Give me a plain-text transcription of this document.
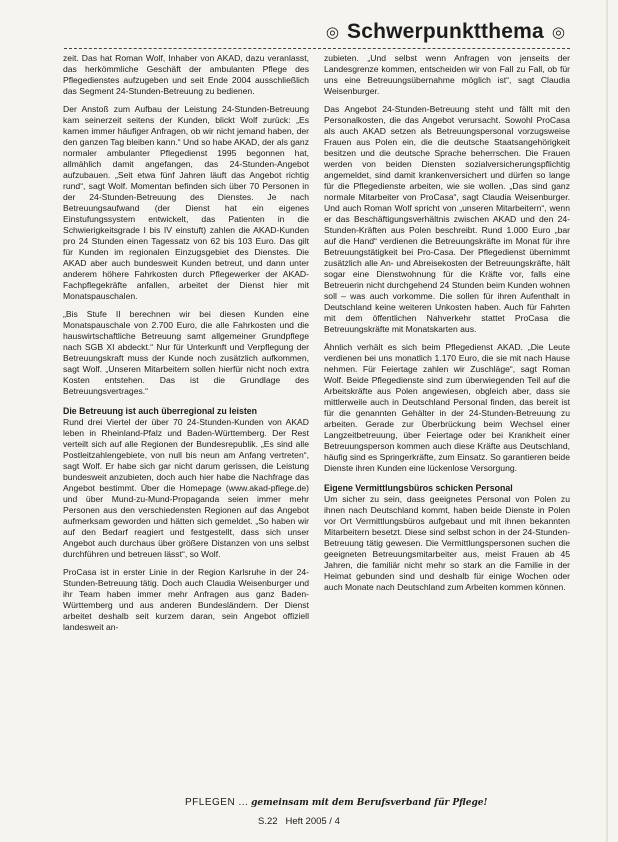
◎ Schwerpunktthema ◎

zeit. Das hat Roman Wolf, Inhaber von AKAD, dazu veranlasst, das herkömmliche Geschäft der ambulanten Pflege des Pflegedienstes aufzugeben und seit Ende 2004 ausschließlich das Segment 24-Stunden-Betreuung zu bedienen.

Der Anstoß zum Aufbau der Leistung 24-Stunden-Betreuung kam seinerzeit seitens der Kunden, blickt Wolf zurück: „Es kamen immer häufiger Anfragen, ob wir nicht jemand haben, der den ganzen Tag bleiben kann.“ Und so habe AKAD, der als ganz normaler ambulanter Pflegedienst 1995 begonnen hat, allmählich damit angefangen, das 24-Stunden-Angebot aufzubauen. „Seit etwa fünf Jahren läuft das Angebot richtig rund“, sagt Wolf. Momentan befinden sich über 70 Personen in der 24-Stunden-Betreuung des Dienstes. Je nach Betreuungsaufwand (der Dienst hat ein eigenes Einstufungssystem entwickelt, das Patienten in die Schwierigkeitsgrade I bis IV einstuft) zahlen die AKAD-Kunden pro 24 Stunden einen Tagessatz von 62 bis 103 Euro. Das gilt für Kunden im regionalen Einzugsgebiet des Dienstes. Die AKAD aber auch bundesweit Kunden betreut, und dann unter anderem höhere Fahrkosten durch Pflegewerker der AKAD-Fachpflegekräfte anfallen, arbeitet der Dienst hier mit Monatspauschalen.

„Bis Stufe II berechnen wir bei diesen Kunden eine Monatspauschale von 2.700 Euro, die alle Fahrkosten und die hauswirtschaftliche Betreuung samt allgemeiner Grundpflege nach SGB XI abdeckt.“ Nur für Unterkunft und Verpflegung der Betreuungskraft muss der Kunde noch zusätzlich aufkommen, sagt Wolf. „Unseren Mitarbeitern sollen hierfür nicht noch extra Kosten entstehen. Das ist die Grundlage des Betreuungsvertrages.“

Die Betreuung ist auch überregional zu leisten

Rund drei Viertel der über 70 24-Stunden-Kunden von AKAD leben in Rheinland-Pfalz und Baden-Württemberg. Der Rest verteilt sich auf alle Regionen der Bundesrepublik. „Es sind alle Postleitzahlengebiete, von null bis neun am Anfang vertreten“, sagt Wolf. Er habe sich gar nicht darum gerissen, die Leistung bundesweit anzubieten, doch auch hier habe die Nachfrage das Angebot bestimmt. Über die Homepage (www.akad-pflege.de) und über Mund-zu-Mund-Propaganda seien immer mehr Personen aus den verschiedensten Regionen auf das Angebot aufmerksam geworden und hätten sich gemeldet. „So haben wir auf den Bedarf reagiert und festgestellt, dass sich unser Angebot auch durchaus über größere Distanzen von uns selbst durchführen und betreuen lässt“, so Wolf.

ProCasa ist in erster Linie in der Region Karlsruhe in der 24-Stunden-Betreuung tätig. Doch auch Claudia Weisenburger und ihr Team haben immer mehr Anfragen aus ganz Baden-Württemberg und aus anderen Bundesländern. Der Dienst arbeitet deshalb seit kurzem daran, sein Angebot offiziell landesweit an-

zubieten. „Und selbst wenn Anfragen von jenseits der Landesgrenze kommen, entscheiden wir von Fall zu Fall, ob für uns eine Betreuungsübernahme möglich ist“, sagt Claudia Weisenburger.

Das Angebot 24-Stunden-Betreuung steht und fällt mit den Personalkosten, die das Angebot verursacht. Sowohl ProCasa als auch AKAD setzen als Betreuungspersonal vorzugsweise Frauen aus Polen ein, die die deutsche Staatsangehörigkeit besitzen und die deutsche Sprache beherrschen. Die Frauen werden von beiden Diensten sozialversicherungspflichtig angemeldet, sind damit krankenversichert und dürfen so lange für die Pflegedienste arbeiten, wie sie wollen. „Das sind ganz normale Mitarbeiter von ProCasa“, sagt Claudia Weisenburger. Und auch Roman Wolf spricht von „unseren Mitarbeitern“, wenn er das Beschäftigungsverhältnis zwischen AKAD und den 24-Stunden-Kräften aus Polen beschreibt. Rund 1.000 Euro „bar auf die Hand“ verdienen die Betreuungskräfte im Monat für ihre Betreuungstätigkeit bei Pro-Casa. Der Pflegedienst übernimmt zusätzlich alle An- und Abreisekosten der Betreuungskräfte, hält sogar eine Dienstwohnung für die Kräfte vor, falls eine Betreuerin nicht durchgehend 24 Stunden beim Kunden wohnen soll – was auch vorkomme. Die sollen für ihren Aufenthalt in Deutschland keine weiteren Unkosten haben. Auch für Fahrten mit dem öffentlichen Nahverkehr stattet ProCasa die Betreuungskräfte mit Monatskarten aus.

Ähnlich verhält es sich beim Pflegedienst AKAD. „Die Leute verdienen bei uns monatlich 1.170 Euro, die sie mit nach Hause nehmen. Für Feiertage zahlen wir Zuschläge“, sagt Roman Wolf. Beide Pflegedienste sind zum überwiegenden Teil auf die Arbeitskräfte aus Polen angewiesen, obgleich aber, dass sie mittlerweile auch in Deutschland Personal finden, das bereit ist für die genannten Gehälter in der 24-Stunden-Betreuung zu arbeiten. Gerade zur Überbrückung beim Wechsel einer Langzeitbetreuung, über Feiertage oder bei Krankheit einer Betreuungsperson kommen auch diese Kräfte aus Deutschland, häufig sind es Springerkräfte, zum Einsatz. So garantieren beide Dienste ihren Kunden eine lückenlose Versorgung.

Eigene Vermittlungsbüros schicken Personal

Um sicher zu sein, dass geeignetes Personal von Polen zu ihnen nach Deutschland kommt, haben beide Dienste in Polen vor Ort Vermittlungsbüros aufgebaut und mit ihnen bekannten Mitarbeitern besetzt. Diese sind selbst schon in der 24-Stunden-Betreuung tätig gewesen. Die Vermittlungspersonen suchen die geeigneten Betreuungsmitarbeiter aus, meist Frauen ab 45 Jahren, die familiär nicht mehr so stark an die Familie in der Heimat gebunden sind und deshalb für einige Wochen oder auch Monate nach Deutschland zum Arbeiten kommen können.

PFLEGEN ... gemeinsam mit dem Berufsverband für Pflege!
S.22 Heft 2005 / 4
